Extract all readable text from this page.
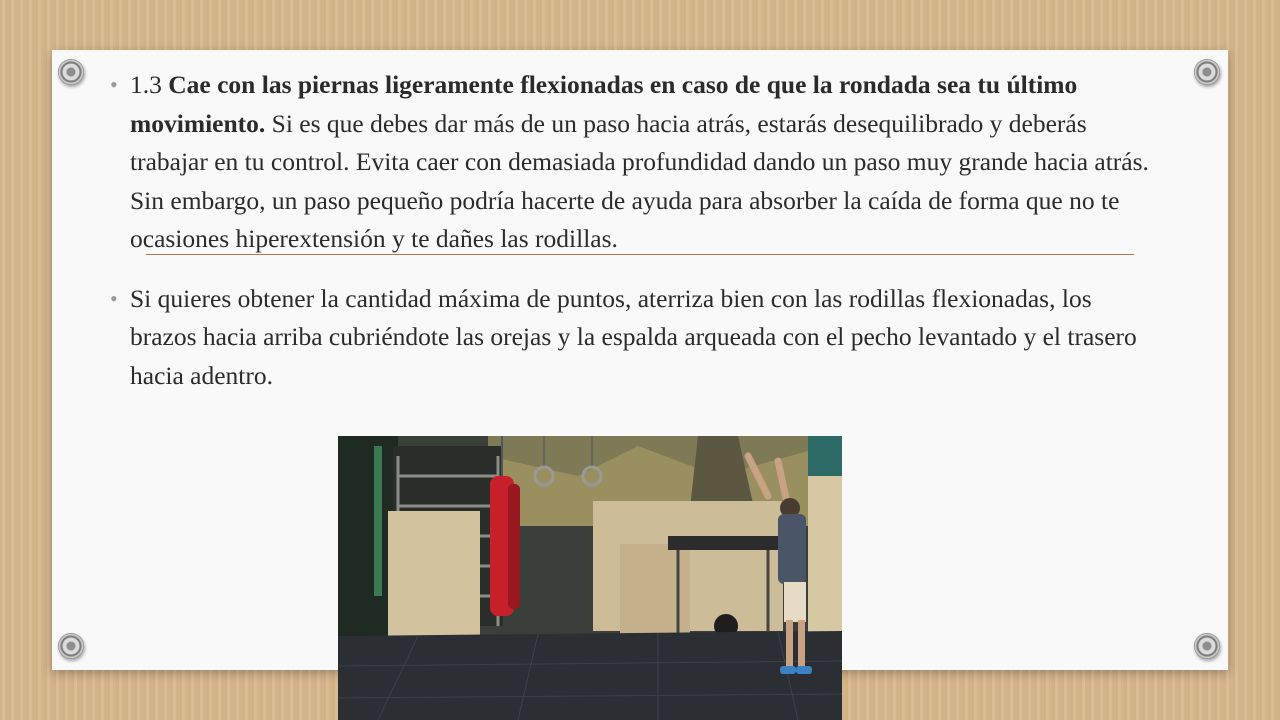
• 1.3 Cae con las piernas ligeramente flexionadas en caso de que la rondada sea tu último movimiento. Si es que debes dar más de un paso hacia atrás, estarás desequilibrado y deberás trabajar en tu control. Evita caer con demasiada profundidad dando un paso muy grande hacia atrás. Sin embargo, un paso pequeño podría hacerte de ayuda para absorber la caída de forma que no te ocasiones hiperextensión y te dañes las rodillas.
• Si quieres obtener la cantidad máxima de puntos, aterriza bien con las rodillas flexionadas, los brazos hacia arriba cubriéndote las orejas y la espalda arqueada con el pecho levantado y el trasero hacia adentro.
